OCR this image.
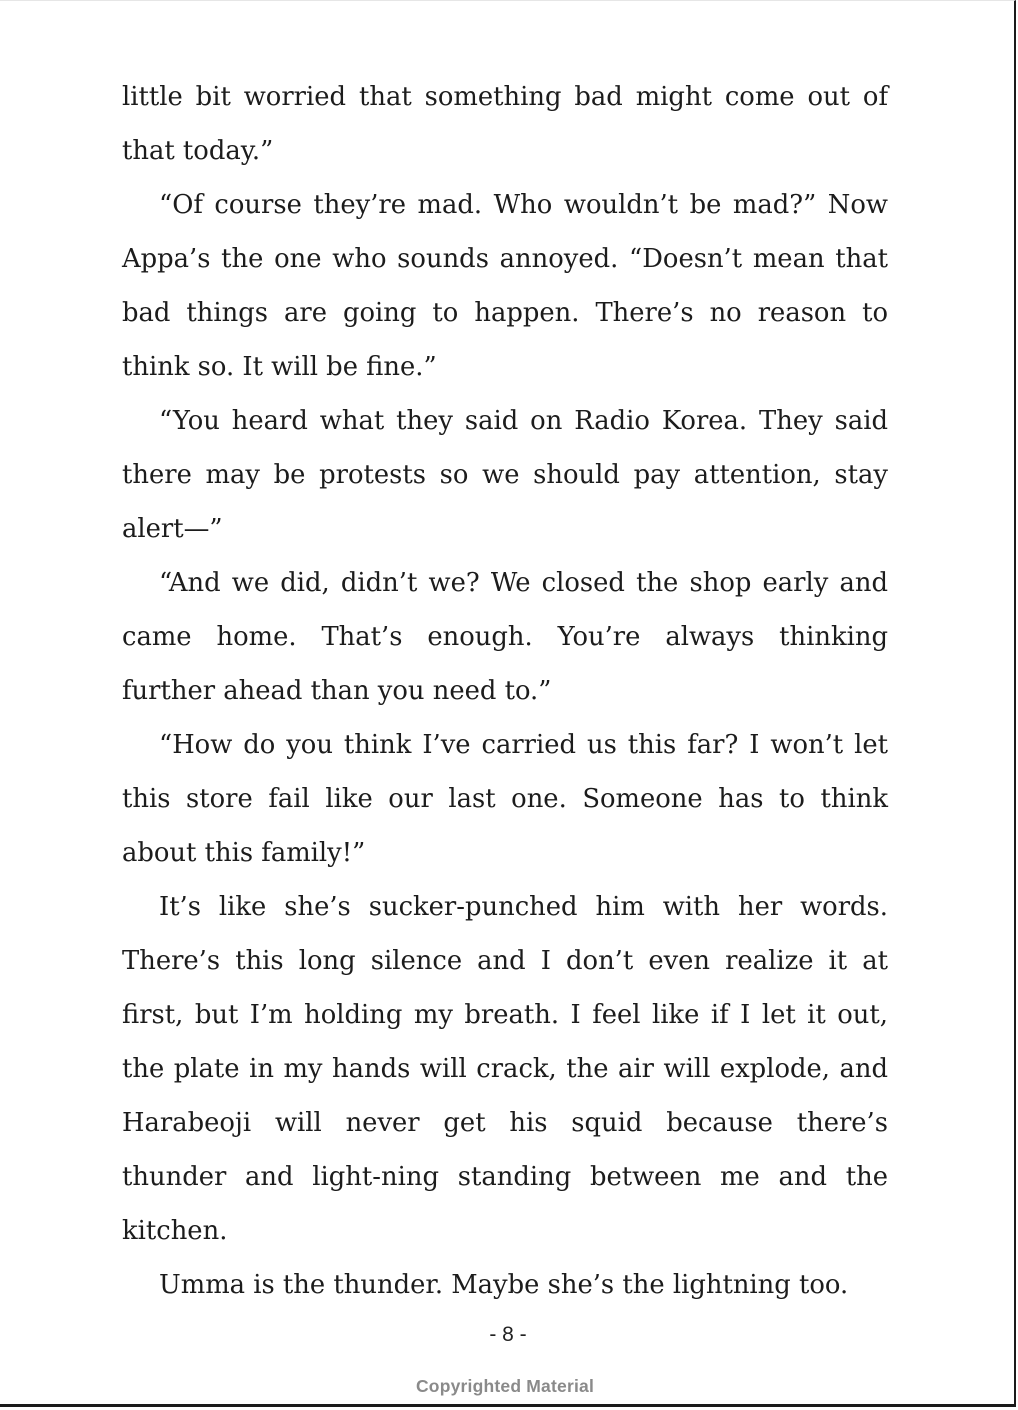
little bit worried that something bad might come out of that today.”

“Of course they’re mad. Who wouldn’t be mad?” Now Appa’s the one who sounds annoyed. “Doesn’t mean that bad things are going to happen. There’s no reason to think so. It will be fine.”

“You heard what they said on Radio Korea. They said there may be protests so we should pay attention, stay alert—”

“And we did, didn’t we? We closed the shop early and came home. That’s enough. You’re always thinking further ahead than you need to.”

“How do you think I’ve carried us this far? I won’t let this store fail like our last one. Someone has to think about this family!”

It’s like she’s sucker-punched him with her words. There’s this long silence and I don’t even realize it at first, but I’m holding my breath. I feel like if I let it out, the plate in my hands will crack, the air will explode, and Harabeoji will never get his squid because there’s thunder and light-ning standing between me and the kitchen.

Umma is the thunder. Maybe she’s the lightning too.

- 8 -
Copyrighted Material
